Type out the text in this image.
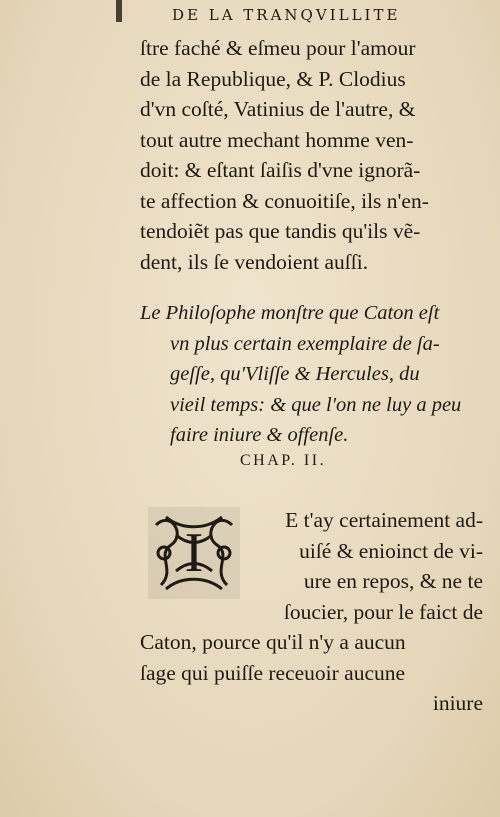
DE LA TRANQVILLITE
ſtre faché & eſmeu pour l'amour
de la Republique, & P. Clodius
d'vn coſté, Vatinius de l'autre, &
tout autre mechant homme ven-
doit: & eſtant ſaiſis d'vne ignorã-
te affection & conuoitiſe, ils n'en-
tendoiẽt pas que tandis qu'ils vẽ-
dent, ils ſe vendoient auſſi.
Le Philoſophe monſtre que Caton eſt
vn plus certain exemplaire de ſa-
geſſe, qu'Vliſſe & Hercules, du
vieil temps: & que l'on ne luy a peu
faire iniure & offenſe.
CHAP. II.
I
E t'ay certainement ad-
uiſé & enioinct de vi-
ure en repos, & ne te
ſoucier, pour le faict de
Caton, pource qu'il n'y a aucun
ſage qui puiſſe receuoir aucune
iniure
